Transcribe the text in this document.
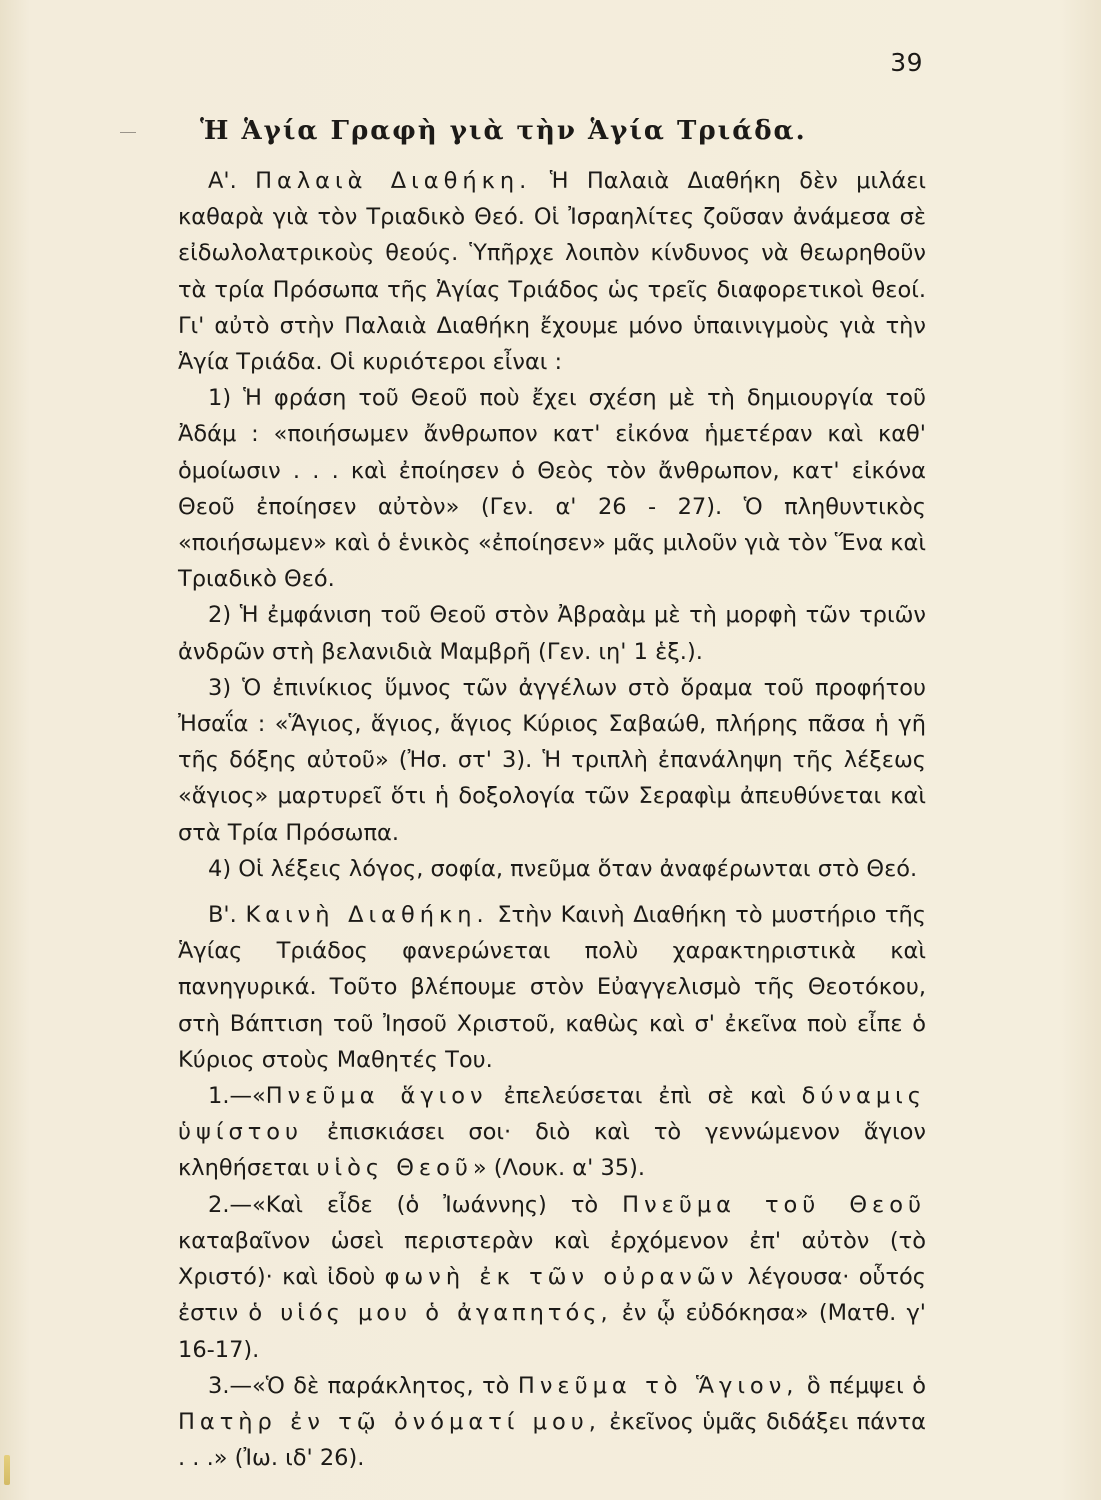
39
Ἡ Ἁγία Γραφὴ γιὰ τὴν Ἁγία Τριάδα.

Α'. Παλαιὰ Διαθήκη. Ἡ Παλαιὰ Διαθήκη δὲν μιλάει καθαρὰ γιὰ τὸν Τριαδικὸ Θεό. Οἱ Ἰσραηλίτες ζοῦσαν ἀνάμεσα σὲ εἰδωλολατρικοὺς θεούς. Ὑπῆρχε λοιπὸν κίνδυνος νὰ θεωρηθοῦν τὰ τρία Πρόσωπα τῆς Ἁγίας Τριάδος ὡς τρεῖς διαφορετικοὶ θεοί. Γι' αὐτὸ στὴν Παλαιὰ Διαθήκη ἔχουμε μόνο ὑπαινιγμοὺς γιὰ τὴν Ἁγία Τριάδα. Οἱ κυριότεροι εἶναι :

1) Ἡ φράση τοῦ Θεοῦ ποὺ ἔχει σχέση μὲ τὴ δημιουργία τοῦ Ἀδάμ : «ποιήσωμεν ἄνθρωπον κατ' εἰκόνα ἡμετέραν καὶ καθ' ὁμοίωσιν . . . καὶ ἐποίησεν ὁ Θεὸς τὸν ἄνθρωπον, κατ' εἰκόνα Θεοῦ ἐποίησεν αὐτὸν» (Γεν. α' 26 - 27). Ὁ πληθυντικὸς «ποιήσωμεν» καὶ ὁ ἑνικὸς «ἐποίησεν» μᾶς μιλοῦν γιὰ τὸν Ἕνα καὶ Τριαδικὸ Θεό.

2) Ἡ ἐμφάνιση τοῦ Θεοῦ στὸν Ἀβραὰμ μὲ τὴ μορφὴ τῶν τριῶν ἀνδρῶν στὴ βελανιδιὰ Μαμβρῆ (Γεν. ιη' 1 ἑξ.).

3) Ὁ ἐπινίκιος ὕμνος τῶν ἀγγέλων στὸ ὅραμα τοῦ προφήτου Ἠσαΐα : «Ἅγιος, ἅγιος, ἅγιος Κύριος Σαβαώθ, πλήρης πᾶσα ἡ γῆ τῆς δόξης αὐτοῦ» (Ἠσ. στ' 3). Ἡ τριπλὴ ἐπανάληψη τῆς λέξεως «ἅγιος» μαρτυρεῖ ὅτι ἡ δοξολογία τῶν Σεραφὶμ ἀπευθύνεται καὶ στὰ Τρία Πρόσωπα.

4) Οἱ λέξεις λόγος, σοφία, πνεῦμα ὅταν ἀναφέρωνται στὸ Θεό.

Β'. Καινὴ Διαθήκη. Στὴν Καινὴ Διαθήκη τὸ μυστήριο τῆς Ἁγίας Τριάδος φανερώνεται πολὺ χαρακτηριστικὰ καὶ πανηγυρικά. Τοῦτο βλέπουμε στὸν Εὐαγγελισμὸ τῆς Θεοτόκου, στὴ Βάπτιση τοῦ Ἰησοῦ Χριστοῦ, καθὼς καὶ σ' ἐκεῖνα ποὺ εἶπε ὁ Κύριος στοὺς Μαθητές Του.

1.—«Πνεῦμα ἅγιον ἐπελεύσεται ἐπὶ σὲ καὶ δύναμις ὑψίστου ἐπισκιάσει σοι· διὸ καὶ τὸ γεννώμενον ἅγιον κληθήσεται υἱὸς Θεοῦ» (Λουκ. α' 35).

2.—«Καὶ εἶδε (ὁ Ἰωάννης) τὸ Πνεῦμα τοῦ Θεοῦ καταβαῖνον ὡσεὶ περιστερὰν καὶ ἐρχόμενον ἐπ' αὐτὸν (τὸ Χριστό)· καὶ ἰδοὺ φωνὴ ἐκ τῶν οὐρανῶν λέγουσα· οὗτός ἐστιν ὁ υἱός μου ὁ ἀγαπητός, ἐν ᾧ εὐδόκησα» (Ματθ. γ' 16-17).

3.—«Ὁ δὲ παράκλητος, τὸ Πνεῦμα τὸ Ἅγιον, ὃ πέμψει ὁ Πατὴρ ἐν τῷ ὀνόματί μου, ἐκεῖνος ὑμᾶς διδάξει πάντα . . .» (Ἰω. ιδ' 26).
